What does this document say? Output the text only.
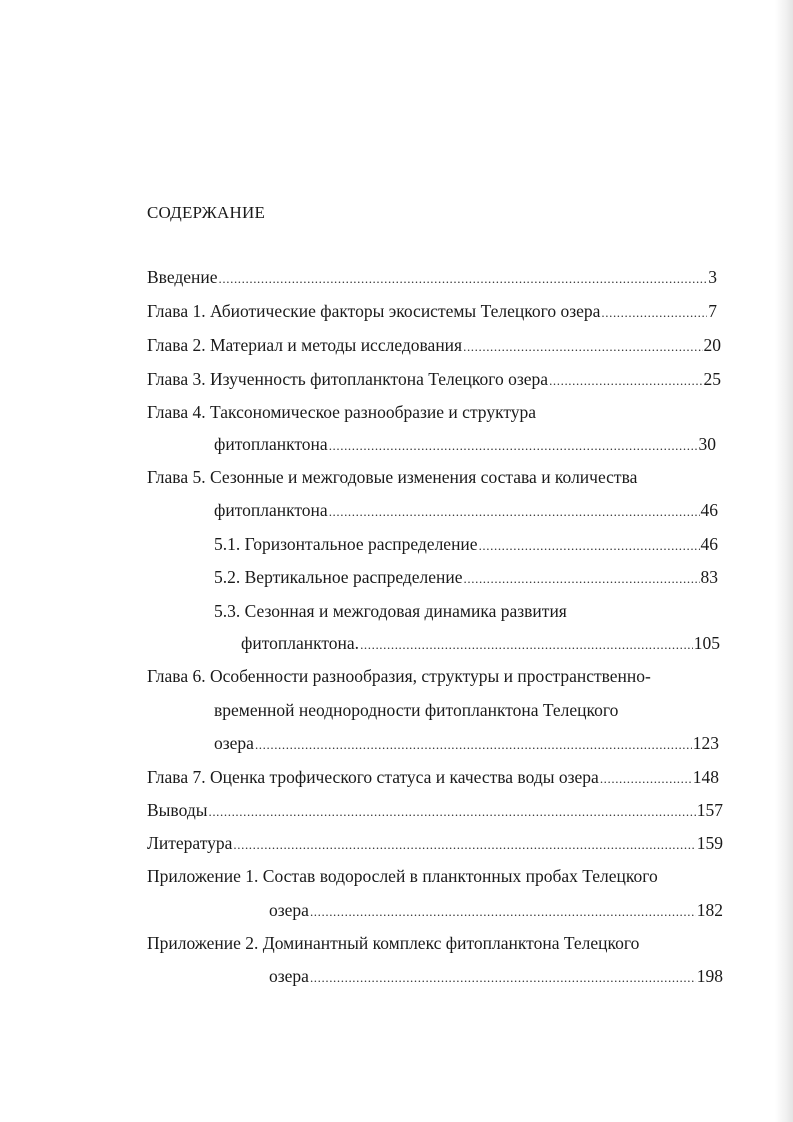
СОДЕРЖАНИЕ
Введение .....	3
Глава 1. Абиотические факторы экосистемы Телецкого озера .....	7
Глава 2. Материал и методы исследования .....	20
Глава 3. Изученность фитопланктона Телецкого озера .....	25
Глава 4. Таксономическое разнообразие и структура
фитопланктона .....	30
Глава 5. Сезонные и межгодовые изменения состава и количества
фитопланктона .....	46
5.1. Горизонтальное распределение .....	46
5.2. Вертикальное распределение .....	83
5.3. Сезонная и межгодовая динамика развития
фитопланктона. .....	105
Глава 6. Особенности разнообразия, структуры и пространственно-
временной неоднородности фитопланктона Телецкого
озера .....	123
Глава 7. Оценка трофического статуса и качества воды озера .....	148
Выводы .....	157
Литература .....	159
Приложение 1. Состав водорослей в планктонных пробах Телецкого
озера .....	182
Приложение 2. Доминантный комплекс фитопланктона Телецкого
озера .....	198
